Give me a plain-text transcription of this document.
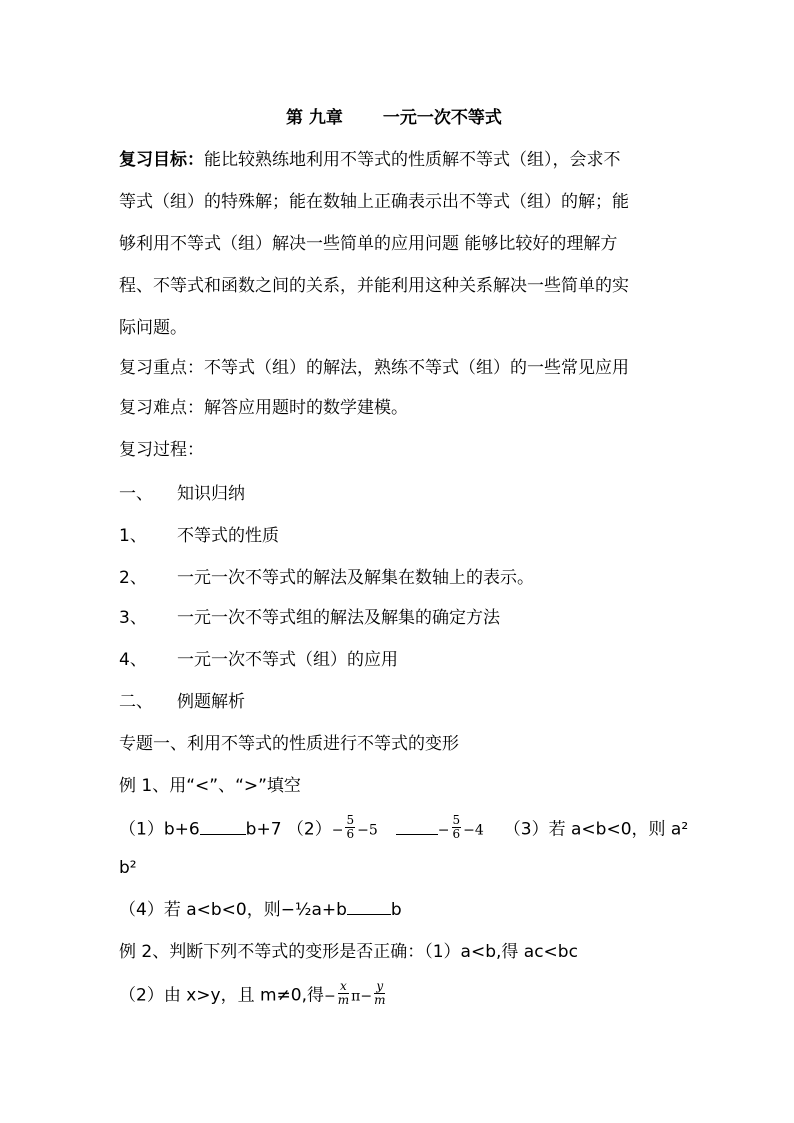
第 九章 一元一次不等式
复习目标：能比较熟练地利用不等式的性质解不等式（组），会求不
等式（组）的特殊解；能在数轴上正确表示出不等式（组）的解；能
够利用不等式（组）解决一些简单的应用问题 能够比较好的理解方
程、不等式和函数之间的关系，并能利用这种关系解决一些简单的实
际问题。
复习重点：不等式（组）的解法，熟练不等式（组）的一些常见应用
复习难点：解答应用题时的数学建模。
复习过程：
一、 知识归纳
1、 不等式的性质
2、 一元一次不等式的解法及解集在数轴上的表示。
3、 一元一次不等式组的解法及解集的确定方法
4、 一元一次不等式（组）的应用
二、 例题解析
专题一、利用不等式的性质进行不等式的变形
例 1、用“<”、“>”填空
（1）b+6	b+7 $(2)- \frac{5}{6} -5$	− $\frac{5}{6} -4$ （3）若 a<b<0，则 a²
b²
（4）若 a<b<0，则−½a+b	b
例 2、判断下列不等式的变形是否正确：（1）a<b,得 ac<bc
（2）由 x>y，且 m≠0,得− $\frac{x}{m} \pi- \frac{y}{m}$
